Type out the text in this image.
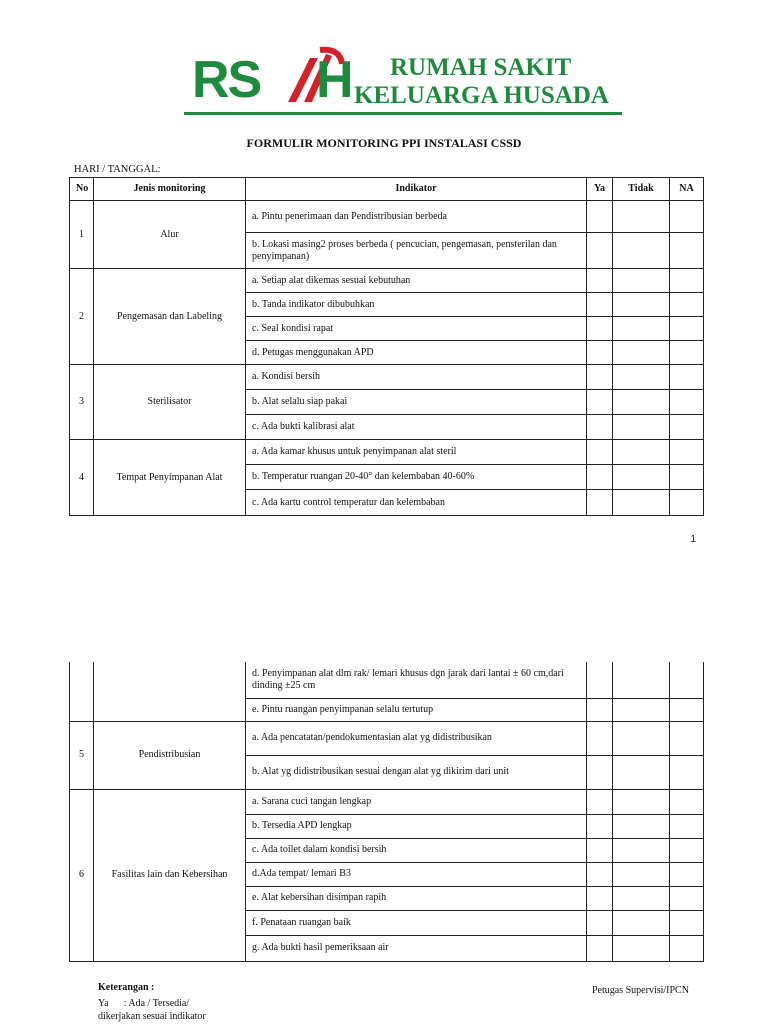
RS H RUMAH SAKIT
KELUARGA HUSADA
FORMULIR MONITORING PPI INSTALASI CSSD
HARI / TANGGAL:
No	Jenis monitoring	Indikator	Ya	Tidak	NA
1	Alur	a. Pintu penerimaan dan Pendistribusian berbeda			
		b. Lokasi masing2 proses berbeda ( pencucian, pengemasan, pensterilan dan penyimpanan)			
2	Pengemasan dan Labeling	a. Setiap alat dikemas sesuai kebutuhan			
		b. Tanda indikator dibubuhkan			
		c. Seal kondisi rapat			
		d. Petugas menggunakan APD			
3	Sterilisator	a. Kondisi bersih			
		b. Alat selalu siap pakai			
		c. Ada bukti kalibrasi alat			
4	Tempat Penyimpanan Alat	a. Ada kamar khusus untuk penyimpanan alat steril			
		b. Temperatur ruangan 20-40° dan kelembaban 40-60%			
		c. Ada kartu control temperatur dan kelembaban			
1
		d. Penyimpanan alat dlm rak/ lemari khusus dgn jarak dari lantai ± 60 cm,dari dinding ±25 cm			
		e. Pintu ruangan penyimpanan selalu tertutup			
5	Pendistribusian	a. Ada pencatatan/pendokumentasian alat yg didistribusikan			
		b. Alat yg didistribusikan sesuai dengan alat yg dikirim dari unit			
6	Fasilitas lain dan Kebersihan	a. Sarana cuci tangan lengkap			
		b. Tersedia APD lengkap			
		c. Ada toilet dalam kondisi bersih			
		d.Ada tempat/ lemari B3			
		e. Alat kebersihan disimpan rapih			
		f. Penataan ruangan baik			
		g. Ada bukti hasil pemeriksaan air			
Keterangan :
Ya      : Ada / Tersedia/
dikerjakan sesuai indikator
Petugas Supervisi/IPCN
